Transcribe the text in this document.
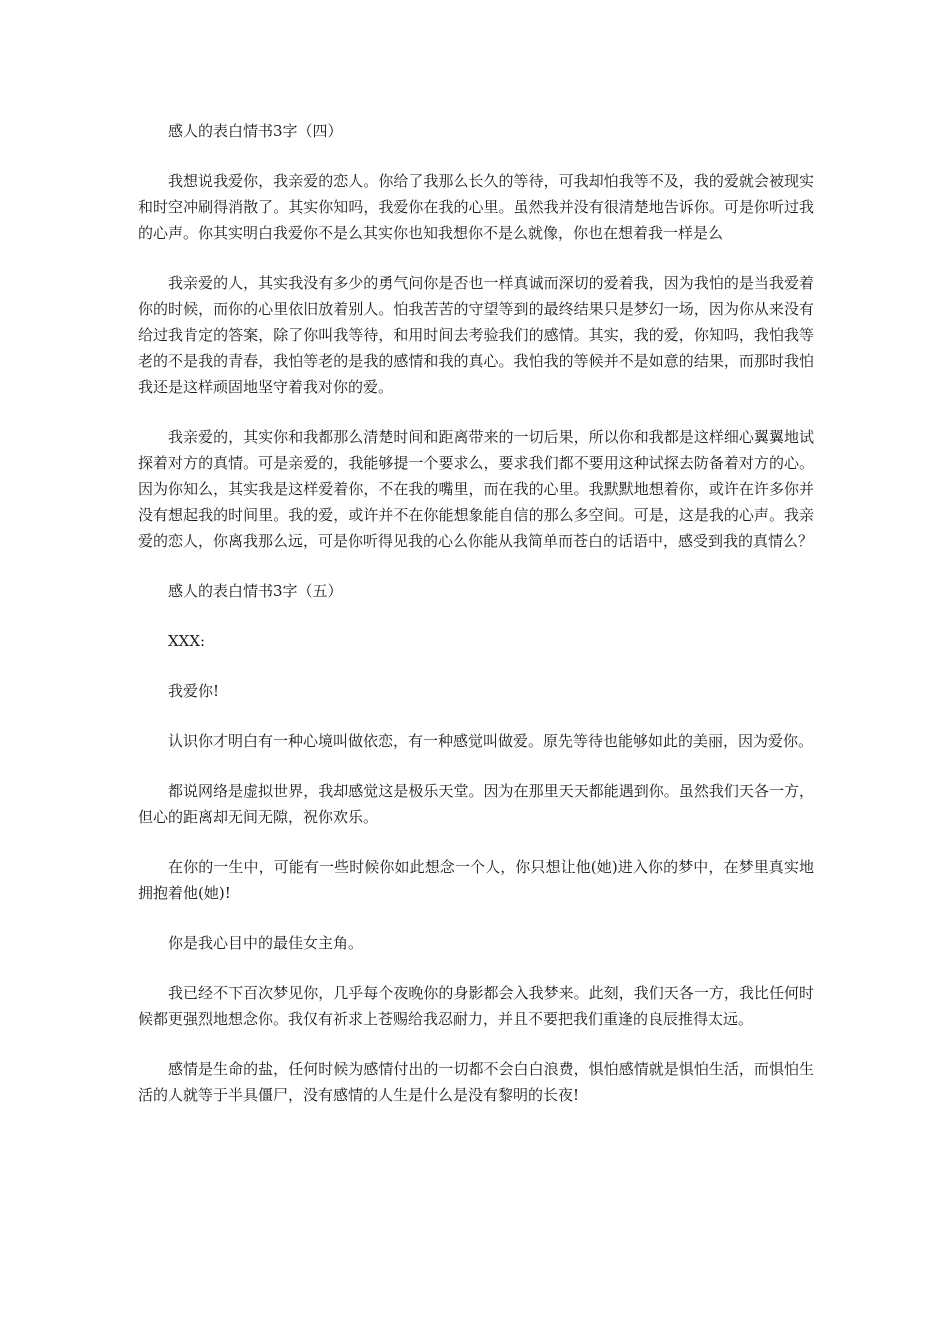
感人的表白情书3字（四）

我想说我爱你，我亲爱的恋人。你给了我那么长久的等待，可我却怕我等不及，我的爱就会被现实和时空冲刷得消散了。其实你知吗，我爱你在我的心里。虽然我并没有很清楚地告诉你。可是你听过我的心声。你其实明白我爱你不是么其实你也知我想你不是么就像，你也在想着我一样是么

我亲爱的人，其实我没有多少的勇气问你是否也一样真诚而深切的爱着我，因为我怕的是当我爱着你的时候，而你的心里依旧放着别人。怕我苦苦的守望等到的最终结果只是梦幻一场，因为你从来没有给过我肯定的答案，除了你叫我等待，和用时间去考验我们的感情。其实，我的爱，你知吗，我怕我等老的不是我的青春，我怕等老的是我的感情和我的真心。我怕我的等候并不是如意的结果，而那时我怕我还是这样顽固地坚守着我对你的爱。

我亲爱的，其实你和我都那么清楚时间和距离带来的一切后果，所以你和我都是这样细心翼翼地试探着对方的真情。可是亲爱的，我能够提一个要求么，要求我们都不要用这种试探去防备着对方的心。因为你知么，其实我是这样爱着你，不在我的嘴里，而在我的心里。我默默地想着你，或许在许多你并没有想起我的时间里。我的爱，或许并不在你能想象能自信的那么多空间。可是，这是我的心声。我亲爱的恋人，你离我那么远，可是你听得见我的心么你能从我简单而苍白的话语中，感受到我的真情么？

感人的表白情书3字（五）

XXX:

我爱你!

认识你才明白有一种心境叫做依恋，有一种感觉叫做爱。原先等待也能够如此的美丽，因为爱你。

都说网络是虚拟世界，我却感觉这是极乐天堂。因为在那里天天都能遇到你。虽然我们天各一方，但心的距离却无间无隙，祝你欢乐。

在你的一生中，可能有一些时候你如此想念一个人，你只想让他(她)进入你的梦中，在梦里真实地拥抱着他(她)!

你是我心目中的最佳女主角。

我已经不下百次梦见你，几乎每个夜晚你的身影都会入我梦来。此刻，我们天各一方，我比任何时候都更强烈地想念你。我仅有祈求上苍赐给我忍耐力，并且不要把我们重逢的良辰推得太远。

感情是生命的盐，任何时候为感情付出的一切都不会白白浪费，惧怕感情就是惧怕生活，而惧怕生活的人就等于半具僵尸，没有感情的人生是什么是没有黎明的长夜!
